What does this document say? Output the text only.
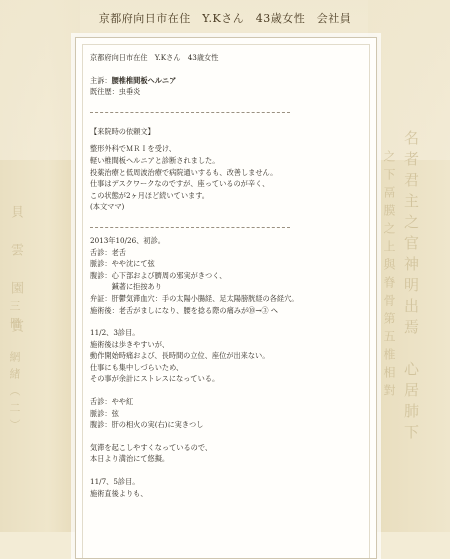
貝　雲　園　賞
三冊　網緒（二）	名者君主之官神明出焉　心居肺下
之下鬲膜之上與脊骨第五椎相對
京都府向日市在住　Y.Kさん　43歳女性　会社員

京都府向日市在住　Y.Kさん　43歳女性

主訴：腰椎椎間板ヘルニア

既往歴：虫垂炎

【来院時の依頼文】

整形外科でＭＲＩを受け、

軽い椎間板ヘルニアと診断されました。

投薬治療と低周波治療で病院通いするも、改善しません。

仕事はデスクワークなのですが、座っているのが辛く、

この状態が2ヶ月ほど続いています。

(本文ママ)

2013年10/26、初診。

舌診：老舌

脈診：やや沈にて弦

腹診：心下部および臍周の邪実がきつく、

　　　鍼著に拒按あり

弁証：肝鬱気滞血穴：手の太陽小腸経、足太陽膀胱経の各経穴。

施術後：老舌がましになり、腰を捻る際の痛みが⑩→③ へ

11/2、3診目。

施術後は歩きやすいが、

動作開始時痛および、長時間の立位、座位が出来ない。

仕事にも集中しづらいため、

その事が余計にストレスになっている。

舌診：やや紅

脈診：弦

腹診：肝の相火の実(右)に実きつし

気滞を起こしやすくなっているので、

本日より満治にて悠擬。

11/7、5診目。

施術直後よりも、
